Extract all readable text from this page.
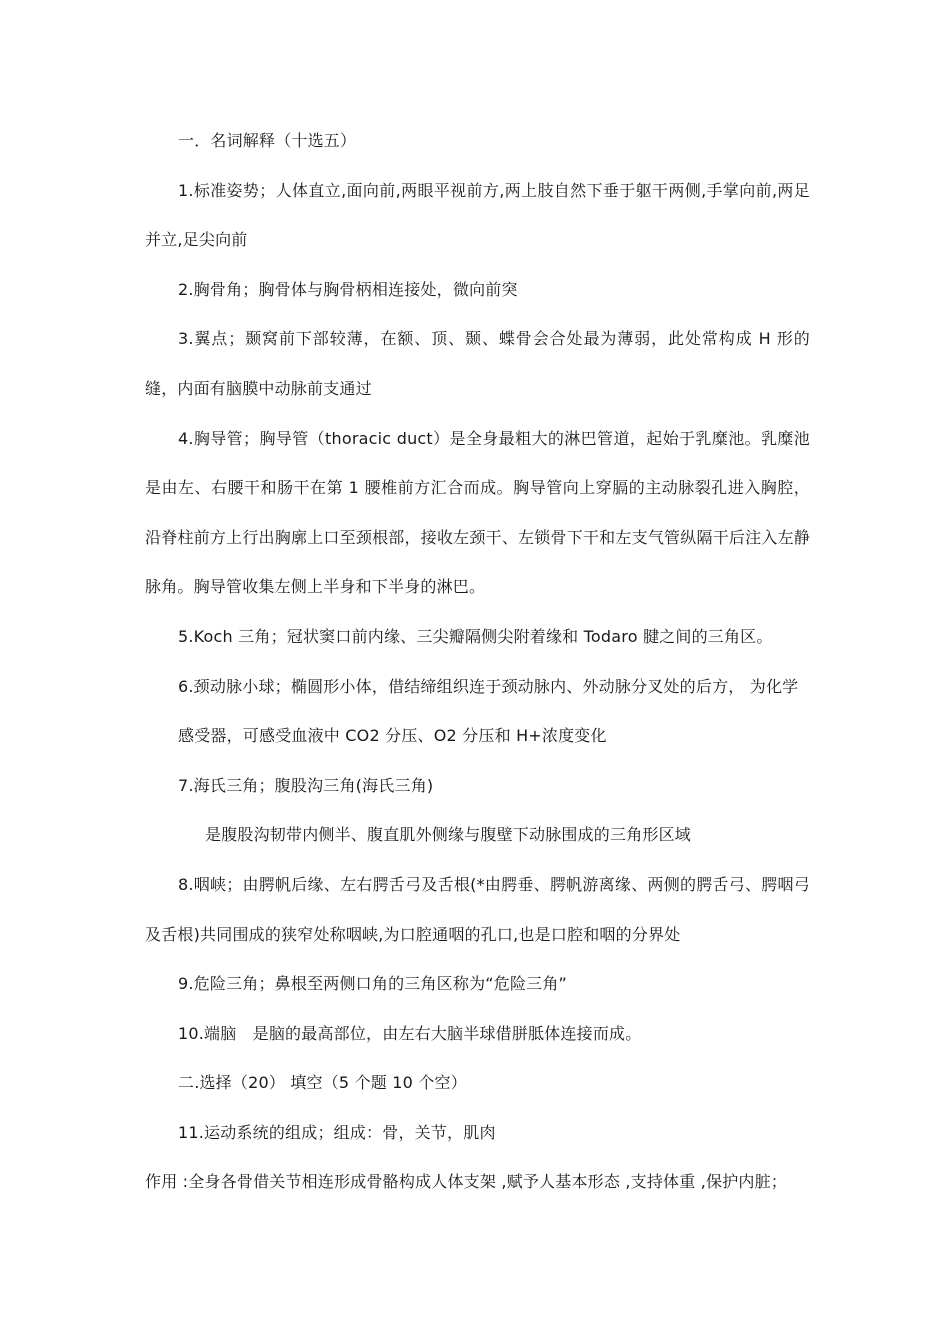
一．名词解释（十选五）

1.标准姿势；人体直立,面向前,两眼平视前方,两上肢自然下垂于躯干两侧,手掌向前,两足并立,足尖向前

2.胸骨角；胸骨体与胸骨柄相连接处，微向前突

3.翼点；颞窝前下部较薄，在额、顶、颞、蝶骨会合处最为薄弱，此处常构成 H 形的缝，内面有脑膜中动脉前支通过

4.胸导管；胸导管（thoracic duct）是全身最粗大的淋巴管道，起始于乳糜池。乳糜池是由左、右腰干和肠干在第 1 腰椎前方汇合而成。胸导管向上穿膈的主动脉裂孔进入胸腔，沿脊柱前方上行出胸廓上口至颈根部，接收左颈干、左锁骨下干和左支气管纵隔干后注入左静脉角。胸导管收集左侧上半身和下半身的淋巴。

5.Koch 三角；冠状窦口前内缘、三尖瓣隔侧尖附着缘和 Todaro 腱之间的三角区。

6.颈动脉小球；椭圆形小体，借结缔组织连于颈动脉内、外动脉分叉处的后方， 为化学

感受器，可感受血液中 CO2 分压、O2 分压和 H+浓度变化

7.海氏三角；腹股沟三角(海氏三角)

是腹股沟韧带内侧半、腹直肌外侧缘与腹壁下动脉围成的三角形区域

8.咽峡；由腭帆后缘、左右腭舌弓及舌根(*由腭垂、腭帆游离缘、两侧的腭舌弓、腭咽弓及舌根)共同围成的狭窄处称咽峡,为口腔通咽的孔口,也是口腔和咽的分界处

9.危险三角；鼻根至两侧口角的三角区称为“危险三角”

10.端脑　是脑的最高部位，由左右大脑半球借胼胝体连接而成。

二.选择（20） 填空（5 个题 10 个空）

11.运动系统的组成；组成：骨，关节，肌肉

作用 :全身各骨借关节相连形成骨骼构成人体支架 ,赋予人基本形态 ,支持体重 ,保护内脏；
